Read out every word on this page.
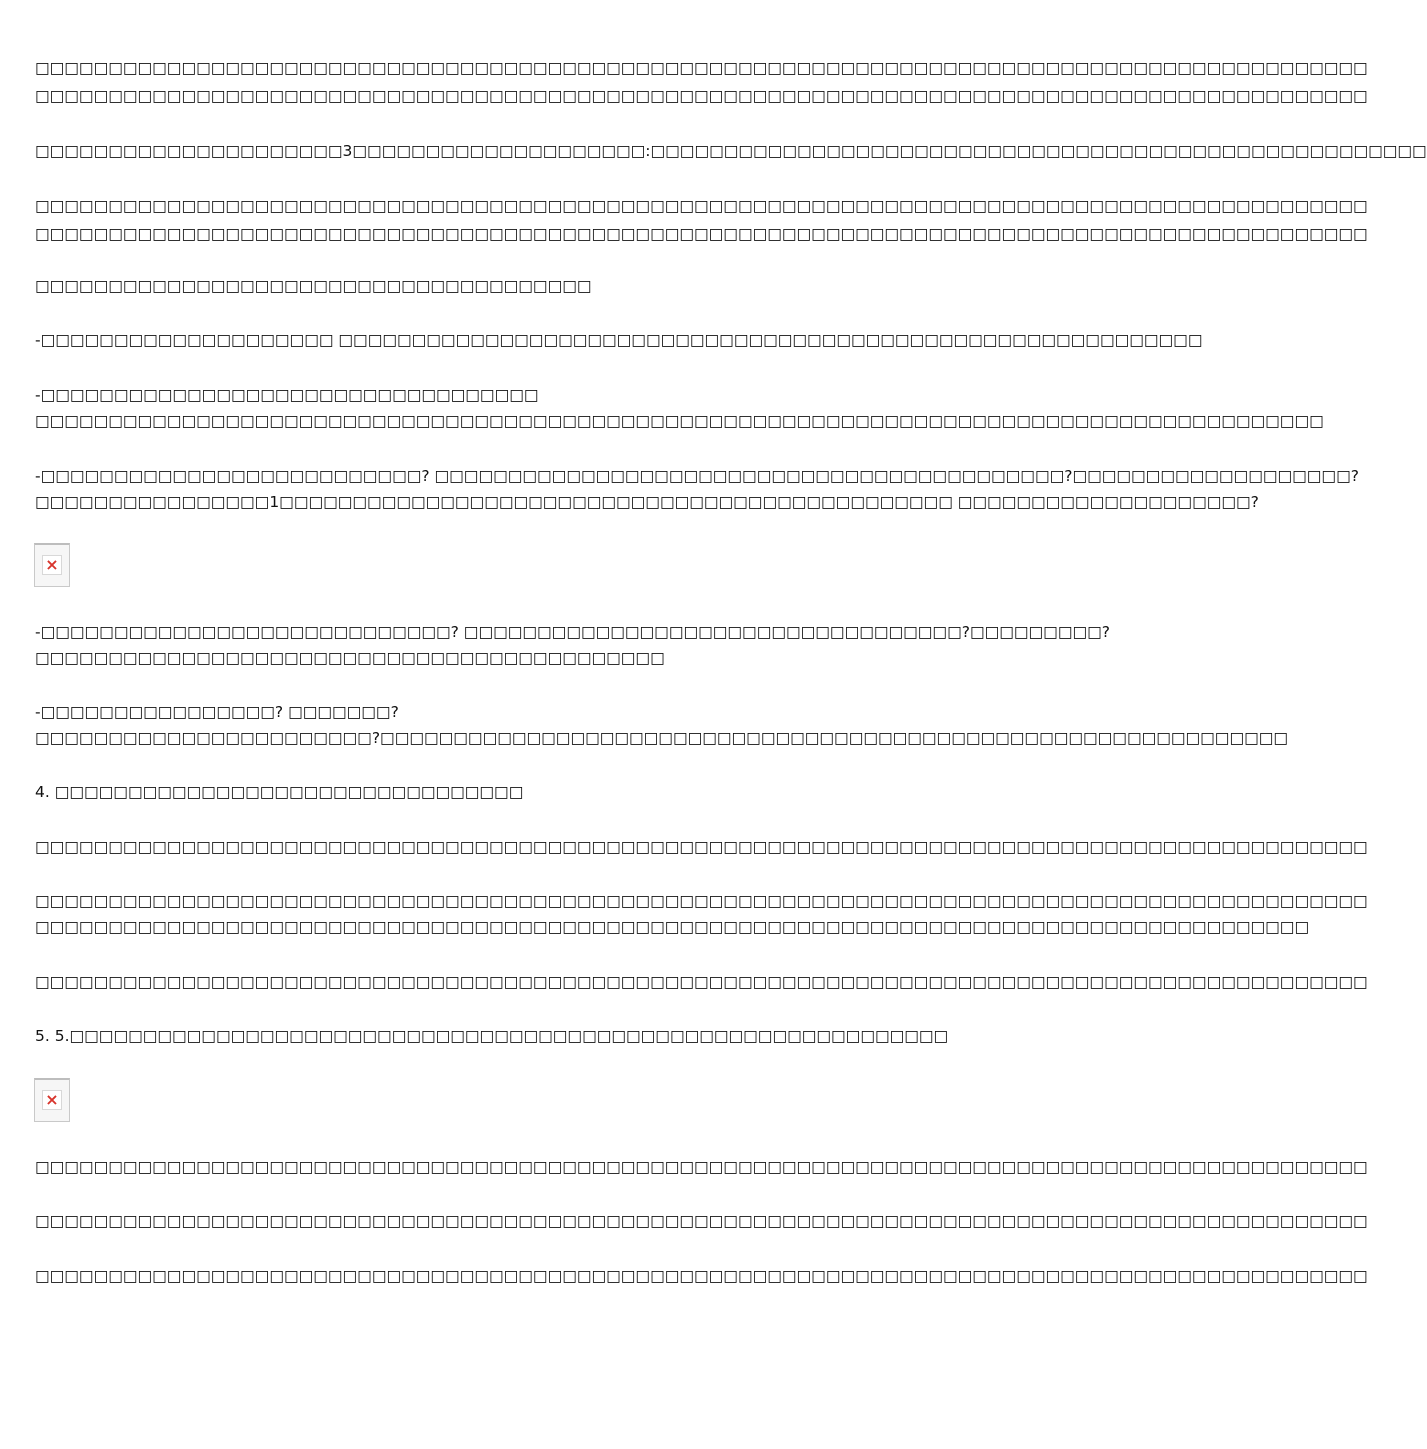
□□□□□□□□□□□□□□□□□□□□□□□□□□□□□□□□□□□□□□□□□□□□□□□□□□□□□□□□□□□□□□□□□□□□□□□□□□□□□□□□□□□□□□□□□□□
□□□□□□□□□□□□□□□□□□□□□□□□□□□□□□□□□□□□□□□□□□□□□□□□□□□□□□□□□□□□□□□□□□□□□□□□□□□□□□□□□□□□□□□□□□□
□□□□□□□□□□□□□□□□□□□□□3□□□□□□□□□□□□□□□□□□□□:□□□□□□□□□□□□□□□□□□□□□□□□□□□□□□□□□□□□□□□□□□□□□□□□□□□□□
□□□□□□□□□□□□□□□□□□□□□□□□□□□□□□□□□□□□□□□□□□□□□□□□□□□□□□□□□□□□□□□□□□□□□□□□□□□□□□□□□□□□□□□□□□□
□□□□□□□□□□□□□□□□□□□□□□□□□□□□□□□□□□□□□□□□□□□□□□□□□□□□□□□□□□□□□□□□□□□□□□□□□□□□□□□□□□□□□□□□□□□
□□□□□□□□□□□□□□□□□□□□□□□□□□□□□□□□□□□□□□
-□□□□□□□□□□□□□□□□□□□□ □□□□□□□□□□□□□□□□□□□□□□□□□□□□□□□□□□□□□□□□□□□□□□□□□□□□□□□□□□□
-□□□□□□□□□□□□□□□□□□□□□□□□□□□□□□□□□□
□□□□□□□□□□□□□□□□□□□□□□□□□□□□□□□□□□□□□□□□□□□□□□□□□□□□□□□□□□□□□□□□□□□□□□□□□□□□□□□□□□□□□□□□
-□□□□□□□□□□□□□□□□□□□□□□□□□□? □□□□□□□□□□□□□□□□□□□□□□□□□□□□□□□□□□□□□□□□□□□?□□□□□□□□□□□□□□□□□□□?
□□□□□□□□□□□□□□□□1□□□□□□□□□□□□□□□□□□□□□□□□□□□□□□□□□□□□□□□□□□□□□□ □□□□□□□□□□□□□□□□□□□□?
×
-□□□□□□□□□□□□□□□□□□□□□□□□□□□□? □□□□□□□□□□□□□□□□□□□□□□□□□□□□□□□□□□?□□□□□□□□□?
□□□□□□□□□□□□□□□□□□□□□□□□□□□□□□□□□□□□□□□□□□□
-□□□□□□□□□□□□□□□□? □□□□□□□?
□□□□□□□□□□□□□□□□□□□□□□□?□□□□□□□□□□□□□□□□□□□□□□□□□□□□□□□□□□□□□□□□□□□□□□□□□□□□□□□□□□□□□□
4. □□□□□□□□□□□□□□□□□□□□□□□□□□□□□□□□
□□□□□□□□□□□□□□□□□□□□□□□□□□□□□□□□□□□□□□□□□□□□□□□□□□□□□□□□□□□□□□□□□□□□□□□□□□□□□□□□□□□□□□□□□□□
□□□□□□□□□□□□□□□□□□□□□□□□□□□□□□□□□□□□□□□□□□□□□□□□□□□□□□□□□□□□□□□□□□□□□□□□□□□□□□□□□□□□□□□□□□□
□□□□□□□□□□□□□□□□□□□□□□□□□□□□□□□□□□□□□□□□□□□□□□□□□□□□□□□□□□□□□□□□□□□□□□□□□□□□□□□□□□□□□□□
□□□□□□□□□□□□□□□□□□□□□□□□□□□□□□□□□□□□□□□□□□□□□□□□□□□□□□□□□□□□□□□□□□□□□□□□□□□□□□□□□□□□□□□□□□□
5. 5.□□□□□□□□□□□□□□□□□□□□□□□□□□□□□□□□□□□□□□□□□□□□□□□□□□□□□□□□□□□□
×
□□□□□□□□□□□□□□□□□□□□□□□□□□□□□□□□□□□□□□□□□□□□□□□□□□□□□□□□□□□□□□□□□□□□□□□□□□□□□□□□□□□□□□□□□□□
□□□□□□□□□□□□□□□□□□□□□□□□□□□□□□□□□□□□□□□□□□□□□□□□□□□□□□□□□□□□□□□□□□□□□□□□□□□□□□□□□□□□□□□□□□□
□□□□□□□□□□□□□□□□□□□□□□□□□□□□□□□□□□□□□□□□□□□□□□□□□□□□□□□□□□□□□□□□□□□□□□□□□□□□□□□□□□□□□□□□□□□
